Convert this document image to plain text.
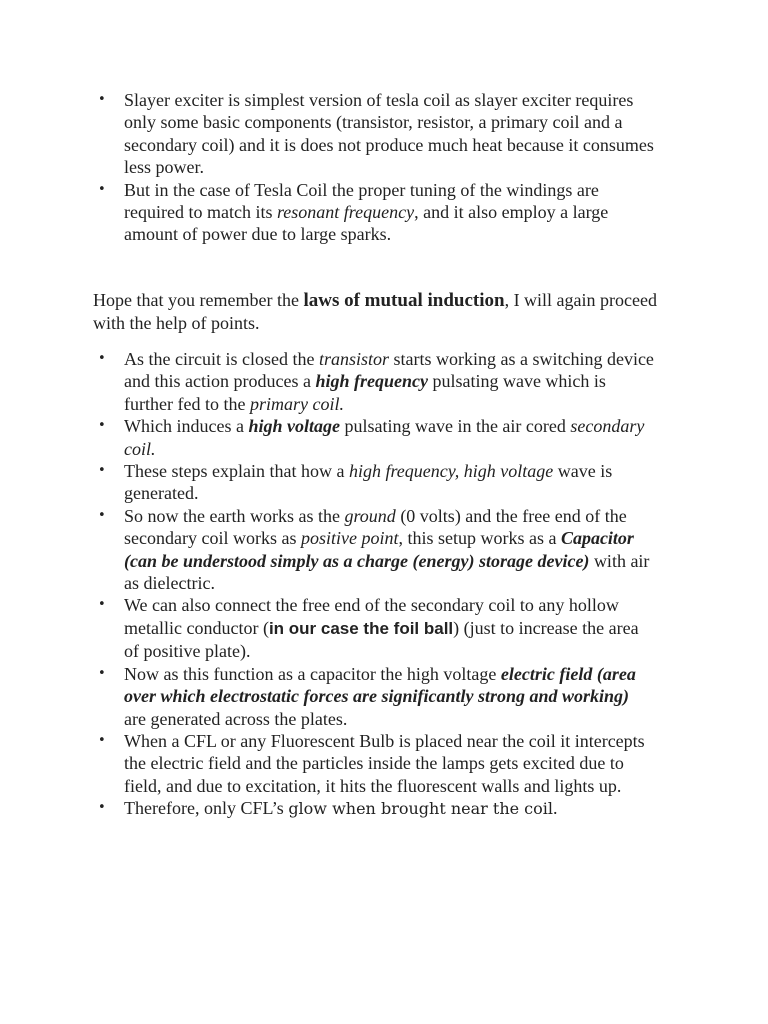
• Slayer exciter is simplest version of tesla coil as slayer exciter requires only some basic components (transistor, resistor, a primary coil and a secondary coil) and it is does not produce much heat because it consumes less power.
• But in the case of Tesla Coil the proper tuning of the windings are required to match its resonant frequency, and it also employ a large amount of power due to large sparks.

Hope that you remember the laws of mutual induction, I will again proceed with the help of points.

• As the circuit is closed the transistor starts working as a switching device and this action produces a high frequency pulsating wave which is further fed to the primary coil.
• Which induces a high voltage pulsating wave in the air cored secondary coil.
• These steps explain that how a high frequency, high voltage wave is generated.
• So now the earth works as the ground (0 volts) and the free end of the secondary coil works as positive point, this setup works as a Capacitor (can be understood simply as a charge (energy) storage device) with air as dielectric.
• We can also connect the free end of the secondary coil to any hollow metallic conductor (in our case the foil ball) (just to increase the area of positive plate).
• Now as this function as a capacitor the high voltage electric field (area over which electrostatic forces are significantly strong and working) are generated across the plates.
• When a CFL or any Fluorescent Bulb is placed near the coil it intercepts the electric field and the particles inside the lamps gets excited due to field, and due to excitation, it hits the fluorescent walls and lights up.
• Therefore, only CFL’s glow when brought near the coil.
